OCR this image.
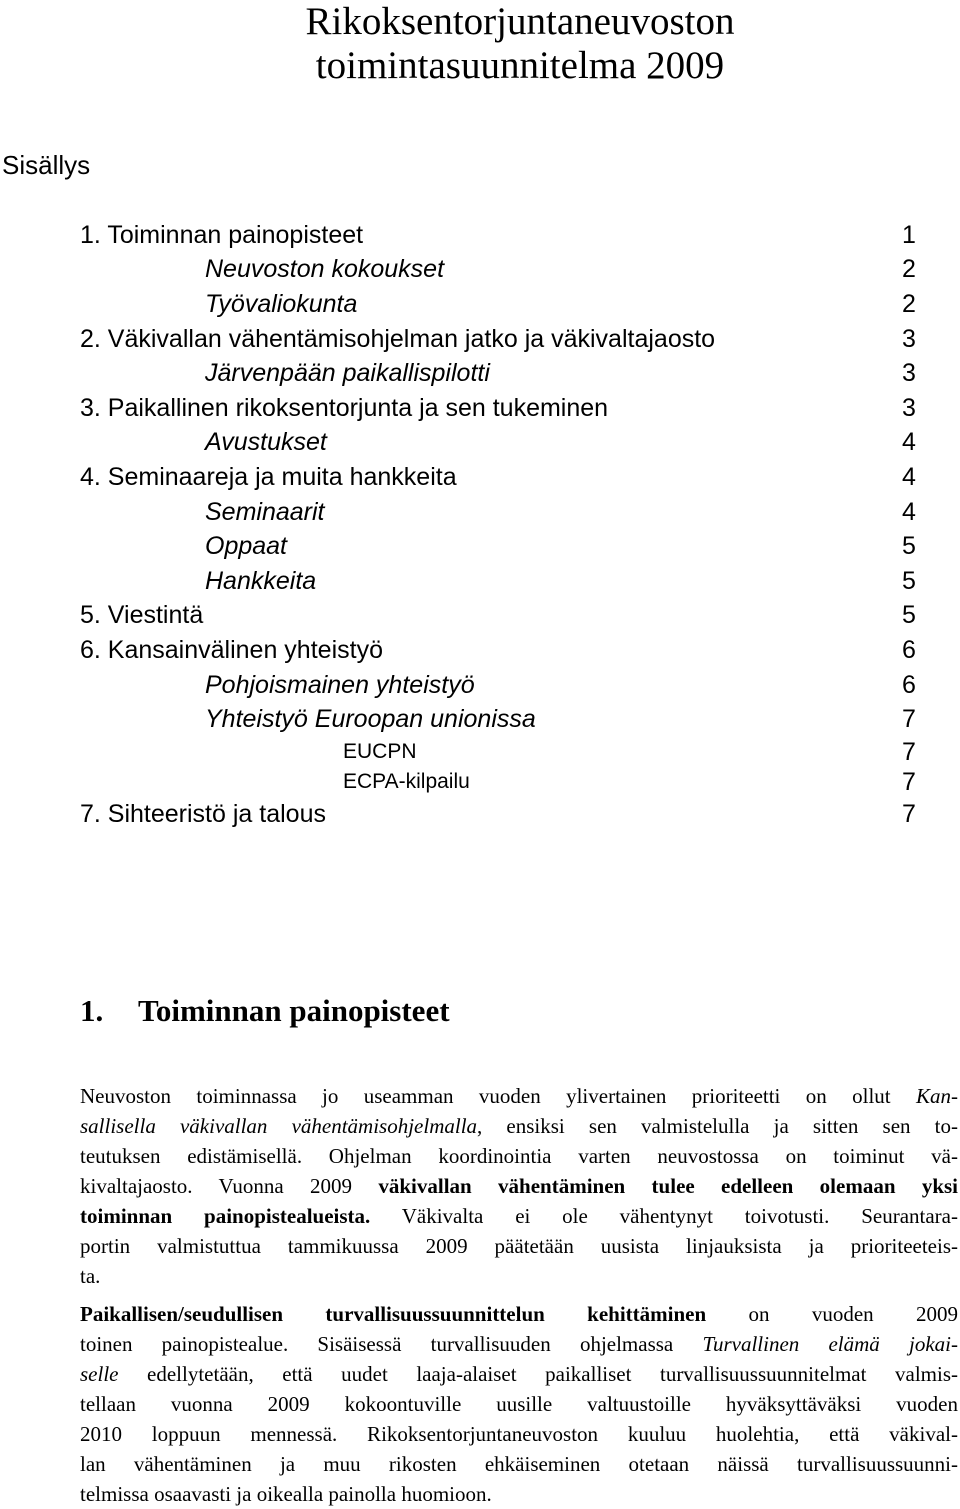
Rikoksentorjuntaneuvoston
toimintasuunnitelma 2009
Sisällys
1. Toiminnan painopisteet	1
Neuvoston kokoukset	2
Työvaliokunta	2
2. Väkivallan vähentämisohjelman jatko ja väkivaltajaosto	3
Järvenpään paikallispilotti	3
3. Paikallinen rikoksentorjunta ja sen tukeminen	3
Avustukset	4
4. Seminaareja ja muita hankkeita	4
Seminaarit	4
Oppaat	5
Hankkeita	5
5. Viestintä	5
6. Kansainvälinen yhteistyö	6
Pohjoismainen yhteistyö	6
Yhteistyö Euroopan unionissa	7
EUCPN	7
ECPA-kilpailu	7
7. Sihteeristö ja talous	7
1. Toiminnan painopisteet
Neuvoston toiminnassa jo useamman vuoden ylivertainen prioriteetti on ollut Kan-
sallisella väkivallan vähentämisohjelmalla, ensiksi sen valmistelulla ja sitten sen to-
teutuksen edistämisellä. Ohjelman koordinointia varten neuvostossa on toiminut vä-
kivaltajaosto. Vuonna 2009 väkivallan vähentäminen tulee edelleen olemaan yksi
toiminnan painopistealueista. Väkivalta ei ole vähentynyt toivotusti. Seurantara-
portin valmistuttua tammikuussa 2009 päätetään uusista linjauksista ja prioriteeteis-
ta.
Paikallisen/seudullisen turvallisuussuunnittelun kehittäminen on vuoden 2009
toinen painopistealue. Sisäisessä turvallisuuden ohjelmassa Turvallinen elämä jokai-
selle edellytetään, että uudet laaja-alaiset paikalliset turvallisuussuunnitelmat valmis-
tellaan vuonna 2009 kokoontuville uusille valtuustoille hyväksyttäväksi vuoden
2010 loppuun mennessä. Rikoksentorjuntaneuvoston kuuluu huolehtia, että väkival-
lan vähentäminen ja muu rikosten ehkäiseminen otetaan näissä turvallisuussuunni-
telmissa osaavasti ja oikealla painolla huomioon.
